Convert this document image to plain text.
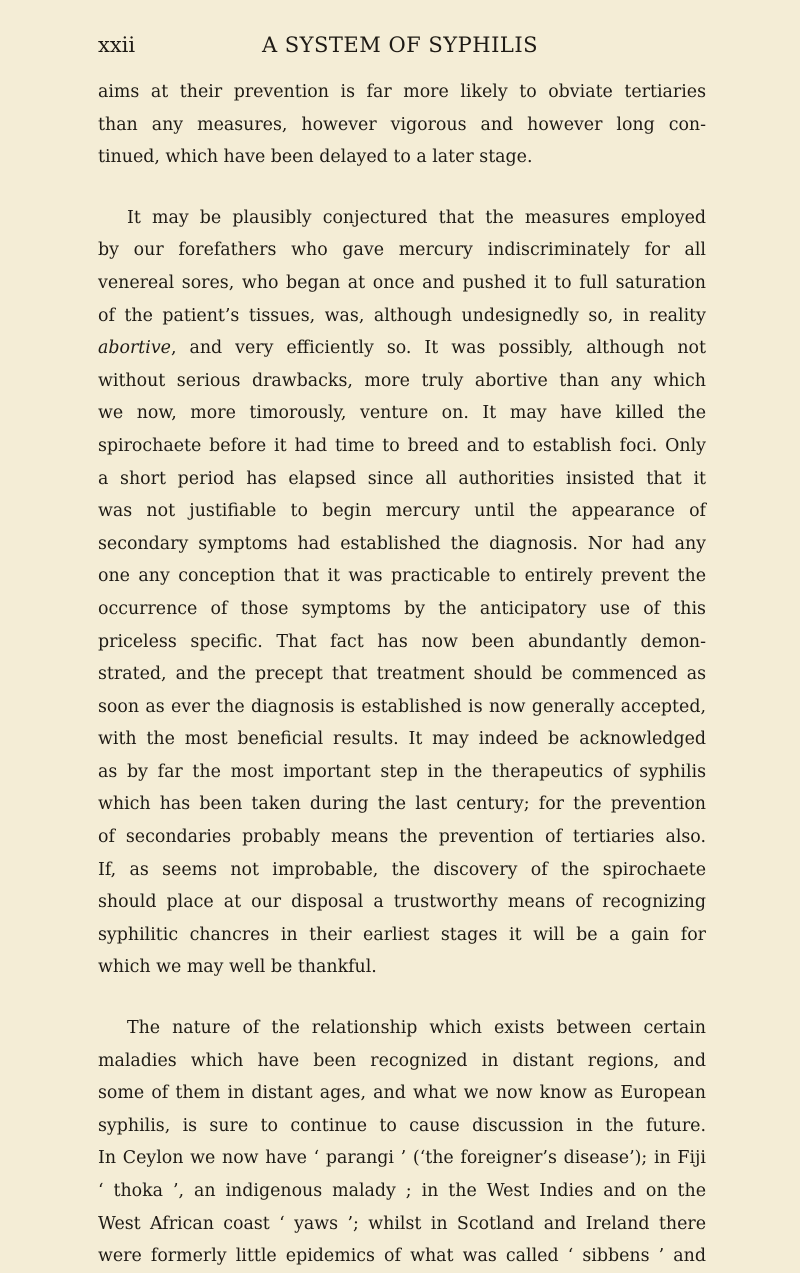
xxii	A SYSTEM OF SYPHILIS
aims at their prevention is far more likely to obviate tertiaries
than any measures, however vigorous and however long con-
tinued, which have been delayed to a later stage.
It may be plausibly conjectured that the measures employed
by our forefathers who gave mercury indiscriminately for all
venereal sores, who began at once and pushed it to full saturation
of the patient’s tissues, was, although undesignedly so, in reality
abortive, and very efficiently so. It was possibly, although not
without serious drawbacks, more truly abortive than any which
we now, more timorously, venture on. It may have killed the
spirochaete before it had time to breed and to establish foci. Only
a short period has elapsed since all authorities insisted that it
was not justifiable to begin mercury until the appearance of
secondary symptoms had established the diagnosis. Nor had any
one any conception that it was practicable to entirely prevent the
occurrence of those symptoms by the anticipatory use of this
priceless specific. That fact has now been abundantly demon-
strated, and the precept that treatment should be commenced as
soon as ever the diagnosis is established is now generally accepted,
with the most beneficial results. It may indeed be acknowledged
as by far the most important step in the therapeutics of syphilis
which has been taken during the last century; for the prevention
of secondaries probably means the prevention of tertiaries also.
If, as seems not improbable, the discovery of the spirochaete
should place at our disposal a trustworthy means of recognizing
syphilitic chancres in their earliest stages it will be a gain for
which we may well be thankful.
The nature of the relationship which exists between certain
maladies which have been recognized in distant regions, and
some of them in distant ages, and what we now know as European
syphilis, is sure to continue to cause discussion in the future.
In Ceylon we now have ‘ parangi ’ (‘the foreigner’s disease’); in Fiji
‘ thoka ’, an indigenous malady ; in the West Indies and on the
West African coast ‘ yaws ’; whilst in Scotland and Ireland there
were formerly little epidemics of what was called ‘ sibbens ’ and
